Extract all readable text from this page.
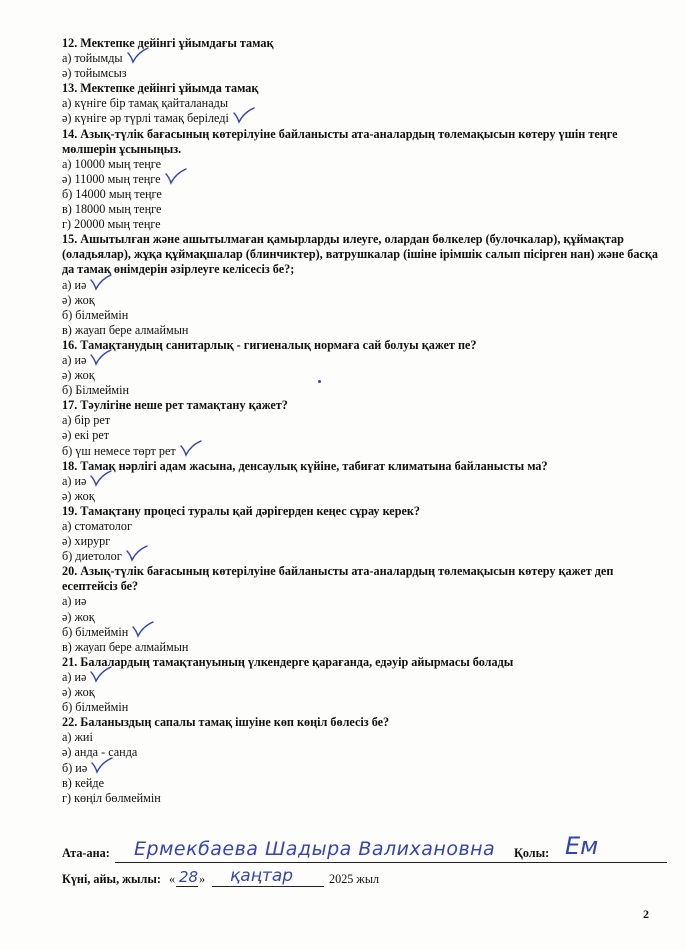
12. Мектепке дейінгі ұйымдағы тамақ
а) тойымды
ә) тойымсыз
13. Мектепке дейінгі ұйымда тамақ
а) күніге бір тамақ қайталанады
ә) күніге әр түрлі тамақ беріледі
14. Азық-түлік бағасының көтерілуіне байланысты ата-аналардың төлемақысын көтеру үшін теңге мөлшерін ұсыныңыз.
а) 10000 мың теңге
ә) 11000 мың теңге
б) 14000 мың теңге
в) 18000 мың теңге
г) 20000 мың теңге
15. Ашытылған және ашытылмаған қамырларды илеуге, олардан бөлкелер (булочкалар), құймақтар (оладьялар), жұқа құймақшалар (блинчиктер), ватрушкалар (ішіне ірімшік салып пісірген нан) және басқа да тамақ өнімдерін әзірлеуге келісесіз бе?;
а) иә
ә) жоқ
б) білмеймін
в) жауап бере алмаймын
16. Тамақтанудың санитарлық - гигиеналық нормаға сай болуы қажет пе?
а) иә
ә) жоқ
б) Білмеймін
17. Тәулігіне неше рет тамақтану қажет?
а) бір рет
ә) екі рет
б) үш немесе төрт рет
18. Тамақ нәрлігі адам жасына, денсаулық күйіне, табиғат климатына байланысты ма?
а) иә
ә) жоқ
19. Тамақтану процесі туралы қай дәрігерден кеңес сұрау керек?
а) стоматолог
ә) хирург
б) диетолог
20. Азық-түлік бағасының көтерілуіне байланысты ата-аналардың төлемақысын көтеру қажет деп есептейсіз бе?
а) иә
ә) жоқ
б) білмеймін
в) жауап бере алмаймын
21. Балалардың тамақтануының үлкендерге қарағанда, едәуір айырмасы болады
а) иә
ә) жоқ
б) білмеймін
22. Баланыздың сапалы тамақ ішуіне көп көңіл бөлесіз бе?
а) жиі
ә) анда - санда
б) иә
в) кейде
г) көңіл бөлмеймін
Ата-ана: Ермекбаева Шадыра Валихановна Қолы: Ем
Күні, айы, жылы: « 28 » қаңтар	2025 жыл
2
